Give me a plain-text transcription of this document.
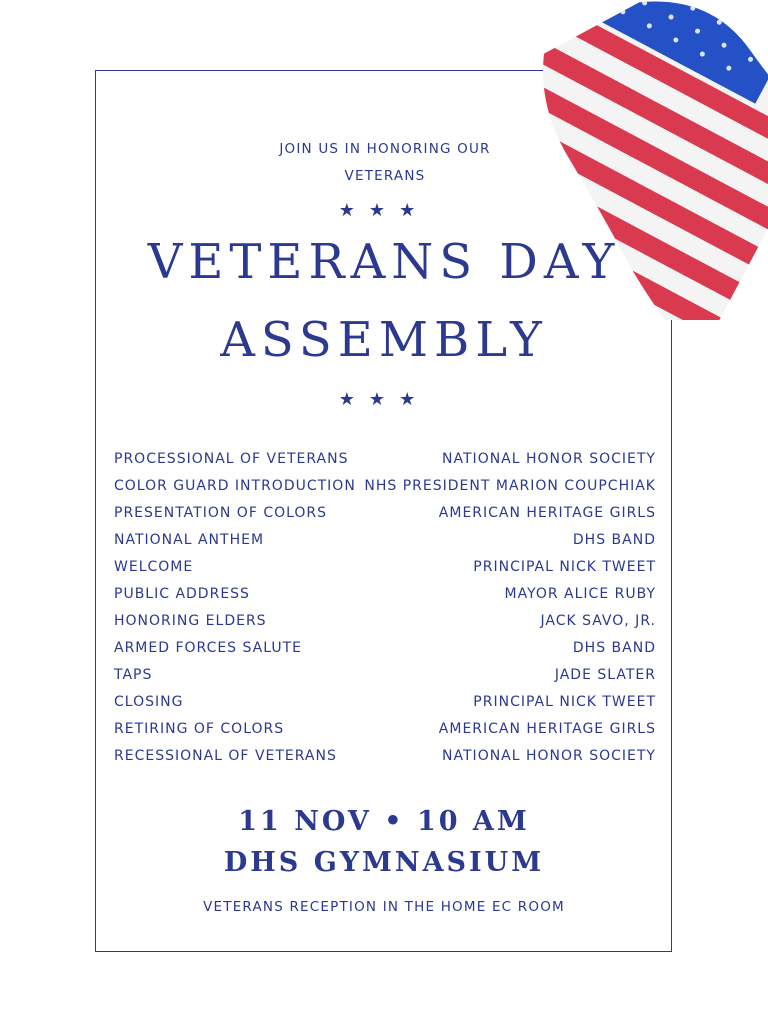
JOIN US IN HONORING OUR
VETERANS
★★★
VETERANS DAY
ASSEMBLY
★★★
PROCESSIONAL OF VETERANS	NATIONAL HONOR SOCIETY
COLOR GUARD INTRODUCTION NHS PRESIDENT MARION COUPCHIAK
PRESENTATION OF COLORS	AMERICAN HERITAGE GIRLS
NATIONAL ANTHEM	DHS BAND
WELCOME	PRINCIPAL NICK TWEET
PUBLIC ADDRESS	MAYOR ALICE RUBY
HONORING ELDERS	JACK SAVO, JR.
ARMED FORCES SALUTE	DHS BAND
TAPS	JADE SLATER
CLOSING	PRINCIPAL NICK TWEET
RETIRING OF COLORS	AMERICAN HERITAGE GIRLS
RECESSIONAL OF VETERANS	NATIONAL HONOR SOCIETY
11 NOV • 10 AM
DHS GYMNASIUM
VETERANS RECEPTION IN THE HOME EC ROOM
